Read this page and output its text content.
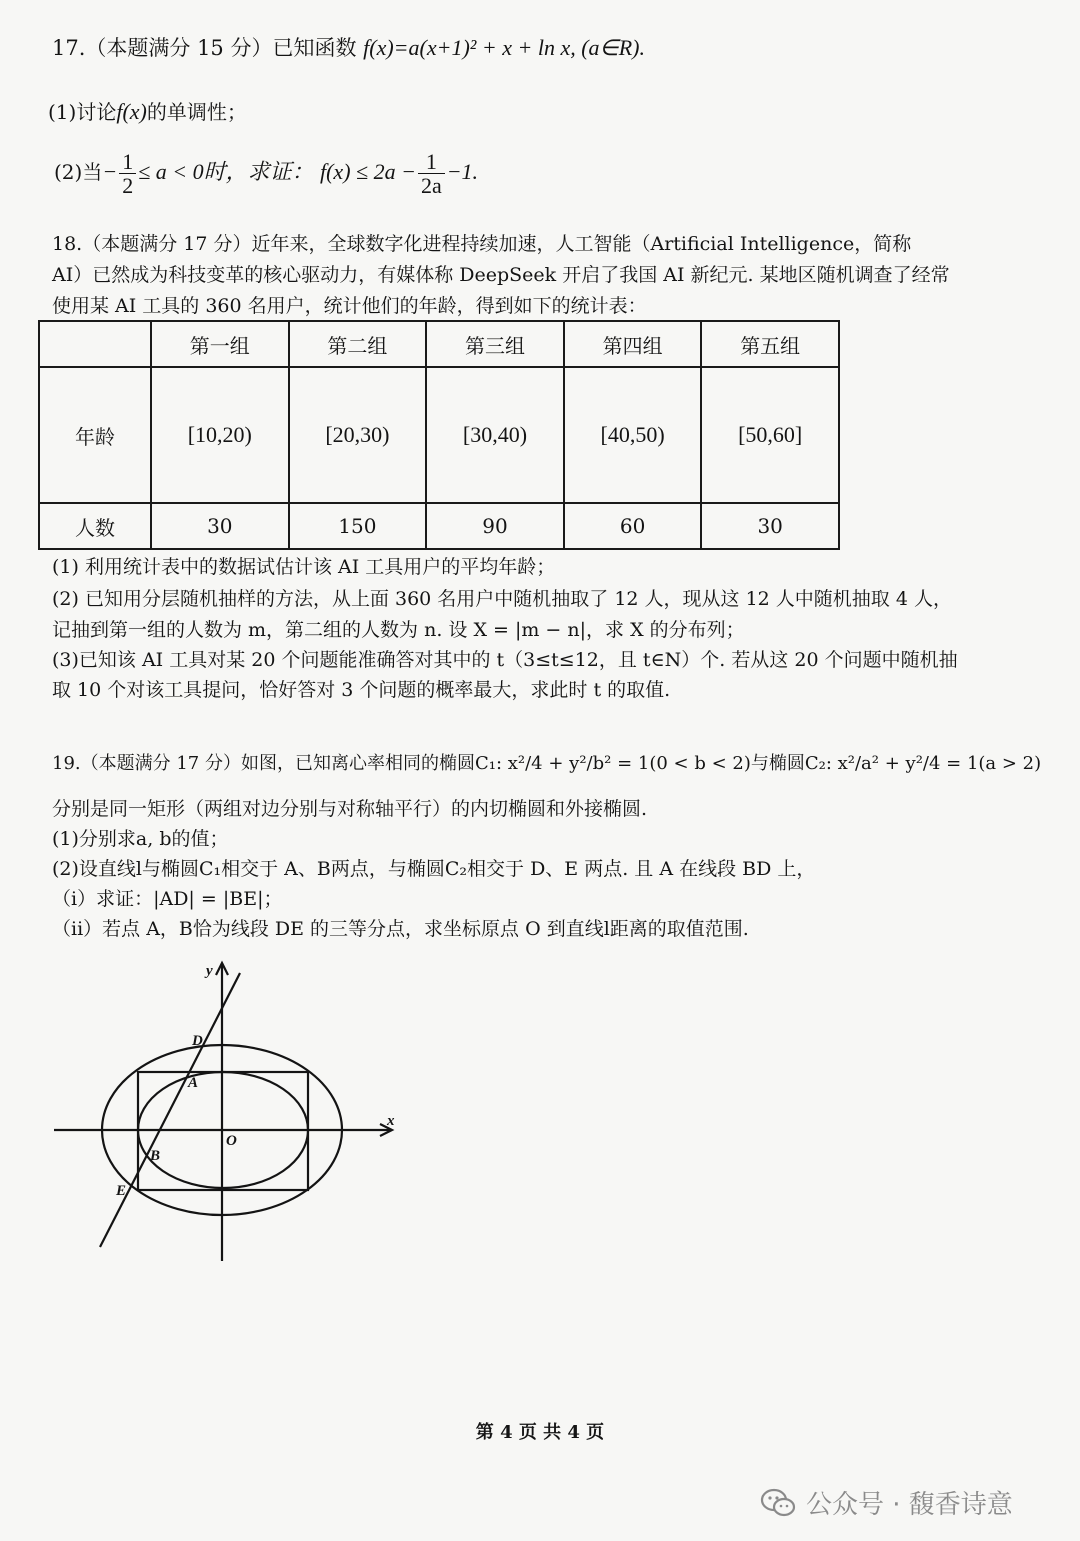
17.（本题满分 15 分）已知函数 f(x)=a(x+1)² + x + ln x, (a∈R).
(1)讨论f(x)的单调性；
(2)当− $\frac{1}{2} \le a < 0$时，求证： $f(x) \le 2a - \frac{1}{2a} -1$.
18.（本题满分 17 分）近年来，全球数字化进程持续加速，人工智能（Artificial Intelligence，简称
AI）已然成为科技变革的核心驱动力，有媒体称 DeepSeek 开启了我国 AI 新纪元. 某地区随机调查了经常
使用某 AI 工具的 360 名用户，统计他们的年龄，得到如下的统计表：
	第一组	第二组	第三组	第四组	第五组
年龄	[10,20)	[20,30)	[30,40)	[40,50)	[50,60]
人数	30	150	90	60	30
(1) 利用统计表中的数据试估计该 AI 工具用户的平均年龄；
(2) 已知用分层随机抽样的方法，从上面 360 名用户中随机抽取了 12 人，现从这 12 人中随机抽取 4 人，
记抽到第一组的人数为 m，第二组的人数为 n. 设 X = |m − n|，求 X 的分布列；
(3)已知该 AI 工具对某 20 个问题能准确答对其中的 t（3≤t≤12，且 t∈N）个. 若从这 20 个问题中随机抽
取 10 个对该工具提问，恰好答对 3 个问题的概率最大，求此时 t 的取值.
19.（本题满分 17 分）如图，已知离心率相同的椭圆C₁: x²/4 + y²/b² = 1(0 < b < 2)与椭圆C₂: x²/a² + y²/4 = 1(a > 2)
分别是同一矩形（两组对边分别与对称轴平行）的内切椭圆和外接椭圆.
(1)分别求a, b的值；
(2)设直线l与椭圆C₁相交于 A、B两点，与椭圆C₂相交于 D、E 两点. 且 A 在线段 BD 上，
（i）求证：|AD| = |BE|；
（ii）若点 A，B恰为线段 DE 的三等分点，求坐标原点 O 到直线l距离的取值范围.
y
x
O
D
A
B
E
第 4 页 共 4 页
公众号 · 馥香诗意
